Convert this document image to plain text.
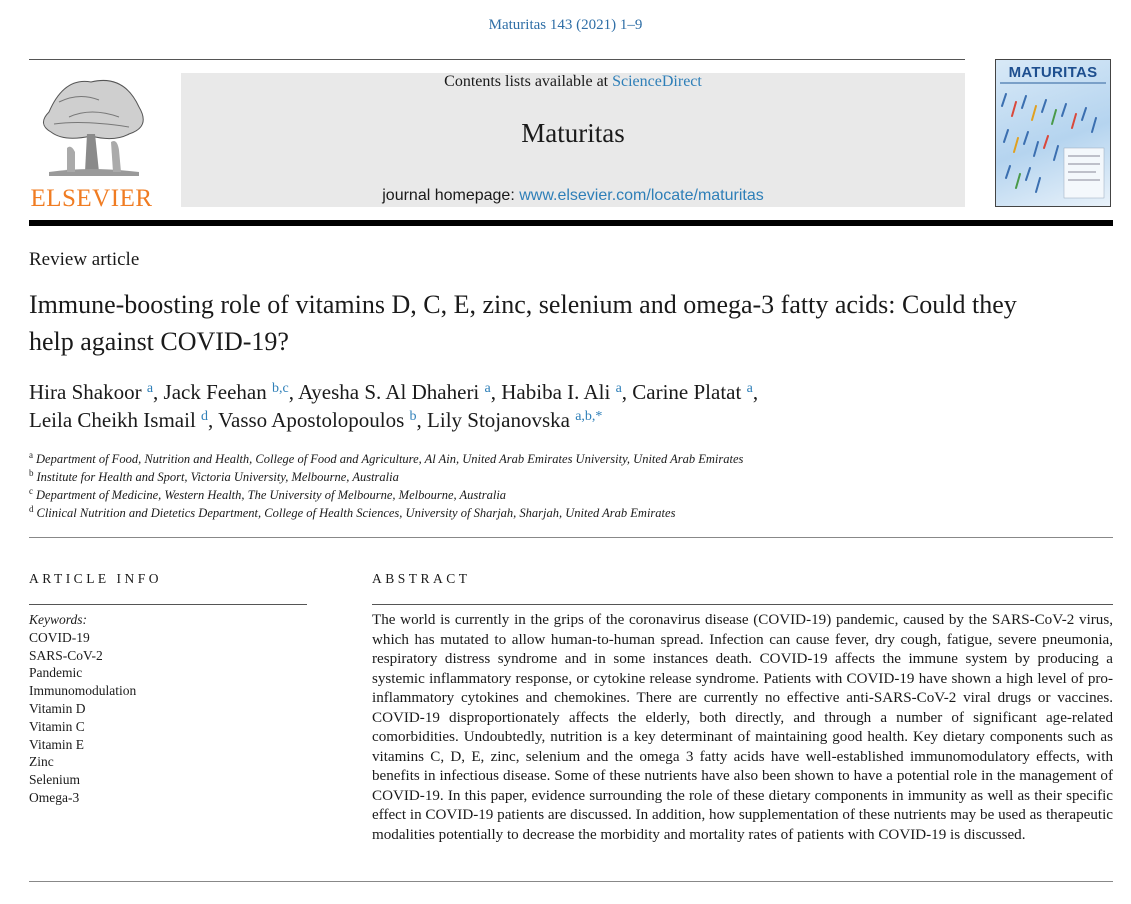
Maturitas 143 (2021) 1–9
ELSEVIER
Contents lists available at ScienceDirect
Maturitas
journal homepage: www.elsevier.com/locate/maturitas
MATURITAS
Review article
Immune-boosting role of vitamins D, C, E, zinc, selenium and omega-3 fatty acids: Could they help against COVID-19?
Hira Shakoor $^a$, Jack Feehan $^{b,c}$, Ayesha S. Al Dhaheri $^a$, Habiba I. Ali $^a$, Carine Platat $^a$,
Leila Cheikh Ismail $^d$, Vasso Apostolopoulos $^b$, Lily Stojanovska $^{a,b,*}$
$^a$ Department of Food, Nutrition and Health, College of Food and Agriculture, Al Ain, United Arab Emirates University, United Arab Emirates
$^b$ Institute for Health and Sport, Victoria University, Melbourne, Australia
$^c$ Department of Medicine, Western Health, The University of Melbourne, Melbourne, Australia
$^d$ Clinical Nutrition and Dietetics Department, College of Health Sciences, University of Sharjah, Sharjah, United Arab Emirates
ARTICLE INFO
Keywords:
COVID-19
SARS-CoV-2
Pandemic
Immunomodulation
Vitamin D
Vitamin C
Vitamin E
Zinc
Selenium
Omega-3
ABSTRACT
The world is currently in the grips of the coronavirus disease (COVID-19) pandemic, caused by the SARS-CoV-2 virus, which has mutated to allow human-to-human spread. Infection can cause fever, dry cough, fatigue, severe pneumonia, respiratory distress syndrome and in some instances death. COVID-19 affects the immune system by producing a systemic inflammatory response, or cytokine release syndrome. Patients with COVID-19 have shown a high level of pro-inflammatory cytokines and chemokines. There are currently no effective anti-SARS-CoV-2 viral drugs or vaccines. COVID-19 disproportionately affects the elderly, both directly, and through a number of significant age-related comorbidities. Undoubtedly, nutrition is a key determinant of maintaining good health. Key dietary components such as vitamins C, D, E, zinc, selenium and the omega 3 fatty acids have well-established immunomodulatory effects, with benefits in infectious disease. Some of these nutrients have also been shown to have a potential role in the management of COVID-19. In this paper, evidence surrounding the role of these dietary components in immunity as well as their specific effect in COVID-19 patients are discussed. In addition, how supplementation of these nutrients may be used as therapeutic modalities potentially to decrease the morbidity and mortality rates of patients with COVID-19 is discussed.
